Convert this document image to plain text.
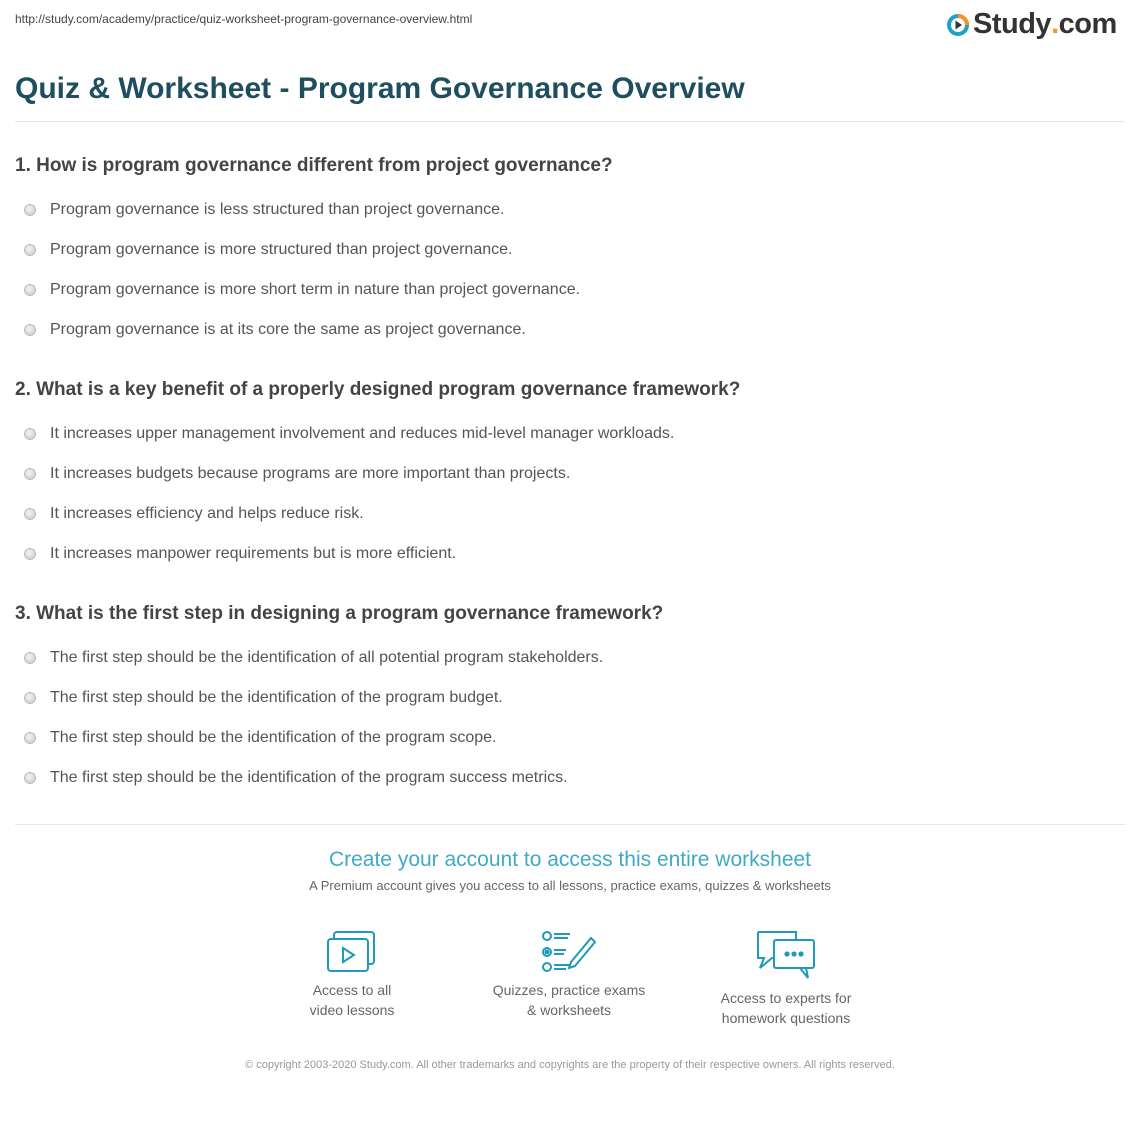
http://study.com/academy/practice/quiz-worksheet-program-governance-overview.html	Study . com
Quiz & Worksheet - Program Governance Overview
1. How is program governance different from project governance?
Program governance is less structured than project governance.
Program governance is more structured than project governance.
Program governance is more short term in nature than project governance.
Program governance is at its core the same as project governance.
2. What is a key benefit of a properly designed program governance framework?
It increases upper management involvement and reduces mid-level manager workloads.
It increases budgets because programs are more important than projects.
It increases efficiency and helps reduce risk.
It increases manpower requirements but is more efficient.
3. What is the first step in designing a program governance framework?
The first step should be the identification of all potential program stakeholders.
The first step should be the identification of the program budget.
The first step should be the identification of the program scope.
The first step should be the identification of the program success metrics.
Create your account to access this entire worksheet
A Premium account gives you access to all lessons, practice exams, quizzes & worksheets
Access to all
video lessons
Quizzes, practice exams
& worksheets
Access to experts for
homework questions
© copyright 2003-2020 Study.com. All other trademarks and copyrights are the property of their respective owners. All rights reserved.
